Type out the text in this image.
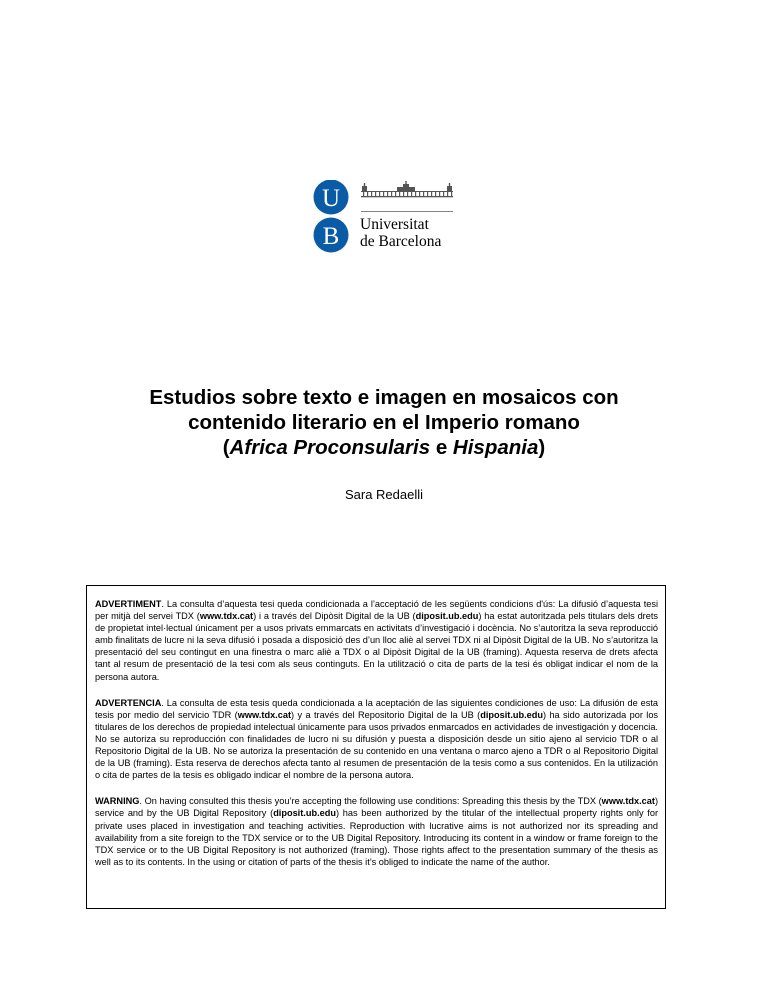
U
B Universitat
de Barcelona
Estudios sobre texto e imagen en mosaicos con
contenido literario en el Imperio romano
(Africa Proconsularis e Hispania)
Sara Redaelli

ADVERTIMENT. La consulta d’aquesta tesi queda condicionada a l’acceptació de les següents condicions d'ús: La difusió d’aquesta tesi per mitjà del servei TDX (www.tdx.cat) i a través del Dipòsit Digital de la UB (diposit.ub.edu) ha estat autoritzada pels titulars dels drets de propietat intel·lectual únicament per a usos privats emmarcats en activitats d’investigació i docència. No s’autoritza la seva reproducció amb finalitats de lucre ni la seva difusió i posada a disposició des d’un lloc aliè al servei TDX ni al Dipòsit Digital de la UB. No s’autoritza la presentació del seu contingut en una finestra o marc aliè a TDX o al Dipòsit Digital de la UB (framing). Aquesta reserva de drets afecta tant al resum de presentació de la tesi com als seus continguts. En la utilització o cita de parts de la tesi és obligat indicar el nom de la persona autora.

ADVERTENCIA. La consulta de esta tesis queda condicionada a la aceptación de las siguientes condiciones de uso: La difusión de esta tesis por medio del servicio TDR (www.tdx.cat) y a través del Repositorio Digital de la UB (diposit.ub.edu) ha sido autorizada por los titulares de los derechos de propiedad intelectual únicamente para usos privados enmarcados en actividades de investigación y docencia. No se autoriza su reproducción con finalidades de lucro ni su difusión y puesta a disposición desde un sitio ajeno al servicio TDR o al Repositorio Digital de la UB. No se autoriza la presentación de su contenido en una ventana o marco ajeno a TDR o al Repositorio Digital de la UB (framing). Esta reserva de derechos afecta tanto al resumen de presentación de la tesis como a sus contenidos. En la utilización o cita de partes de la tesis es obligado indicar el nombre de la persona autora.

WARNING. On having consulted this thesis you’re accepting the following use conditions: Spreading this thesis by the TDX (www.tdx.cat) service and by the UB Digital Repository (diposit.ub.edu) has been authorized by the titular of the intellectual property rights only for private uses placed in investigation and teaching activities. Reproduction with lucrative aims is not authorized nor its spreading and availability from a site foreign to the TDX service or to the UB Digital Repository. Introducing its content in a window or frame foreign to the TDX service or to the UB Digital Repository is not authorized (framing). Those rights affect to the presentation summary of the thesis as well as to its contents. In the using or citation of parts of the thesis it’s obliged to indicate the name of the author.
